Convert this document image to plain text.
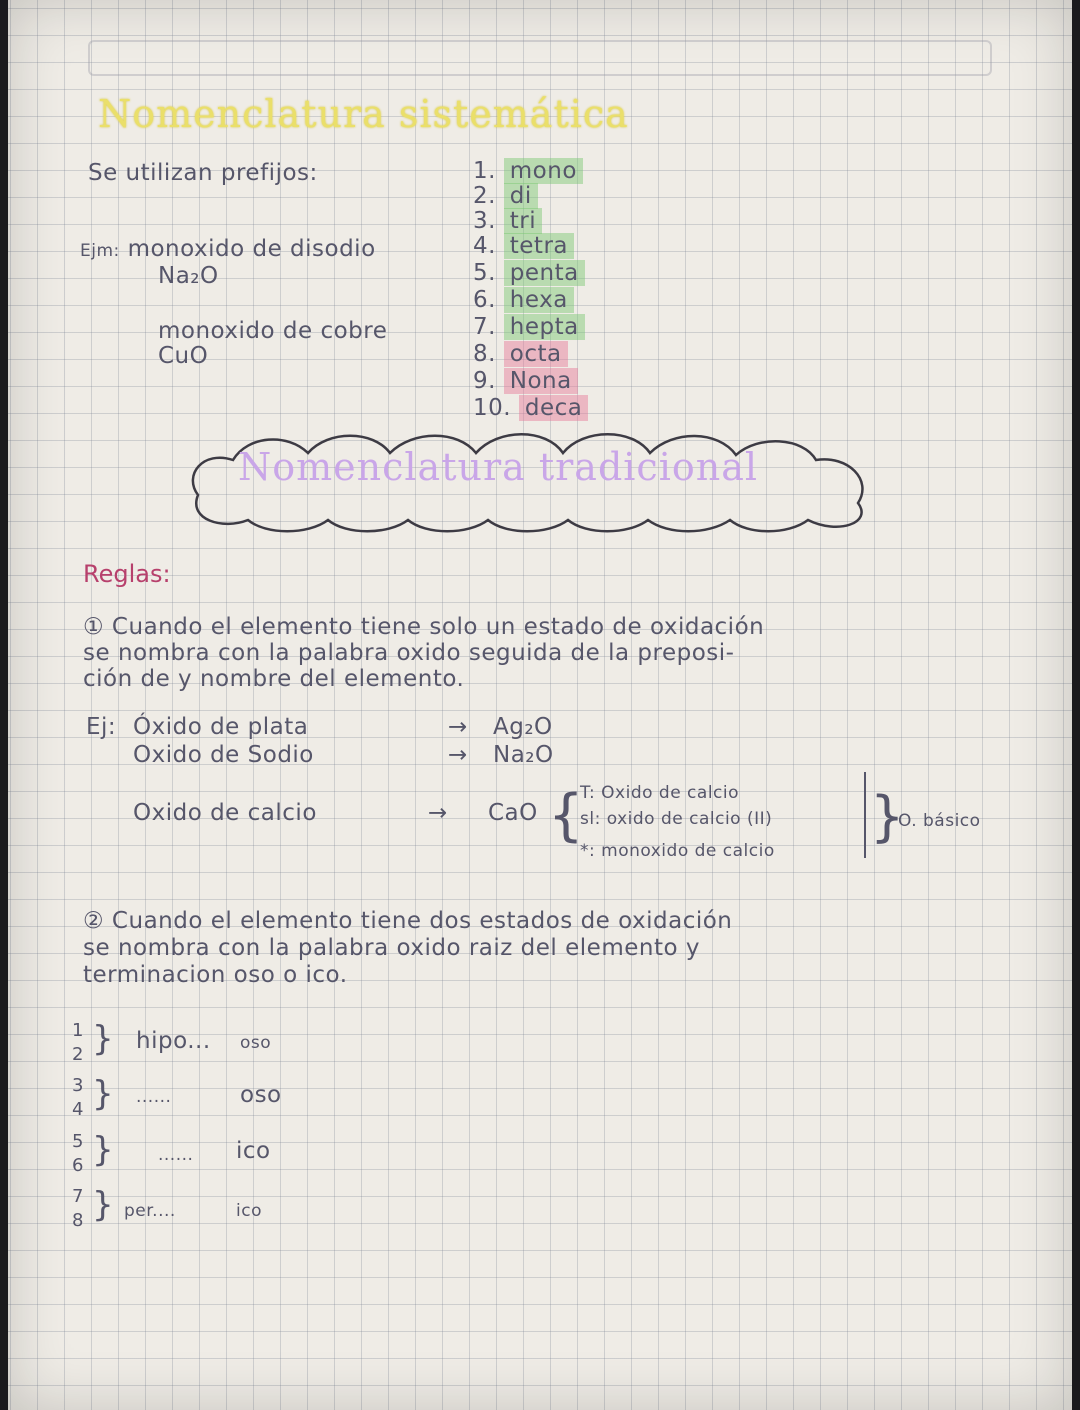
Nomenclatura sistemática
Se utilizan prefijos:	1. mono
2. di
3. tri
4. tetra
5. penta
6. hexa
7. hepta
8. octa
9. Nona
10. deca
Ejm: monoxido de disodio
Na₂O
monoxido de cobre
CuO
Nomenclatura tradicional
Reglas:
① Cuando el elemento tiene solo un estado de oxidación
se nombra con la palabra oxido seguida de la preposi-
ción de y nombre del elemento.
Ej: Óxido de plata	→ Ag₂O
Oxido de Sodio	→ Na₂O
Oxido de calcio	→ CaO {
T: Oxido de calcio
sl: oxido de calcio (II)
*: monoxido de calcio
}
O. básico
② Cuando el elemento tiene dos estados de oxidación
se nombra con la palabra oxido raiz del elemento y
terminacion oso o ico.
1
2 } hipo... oso
3
4 } ......	oso
5
6 }	...... ico
7
8 } per....	ico
